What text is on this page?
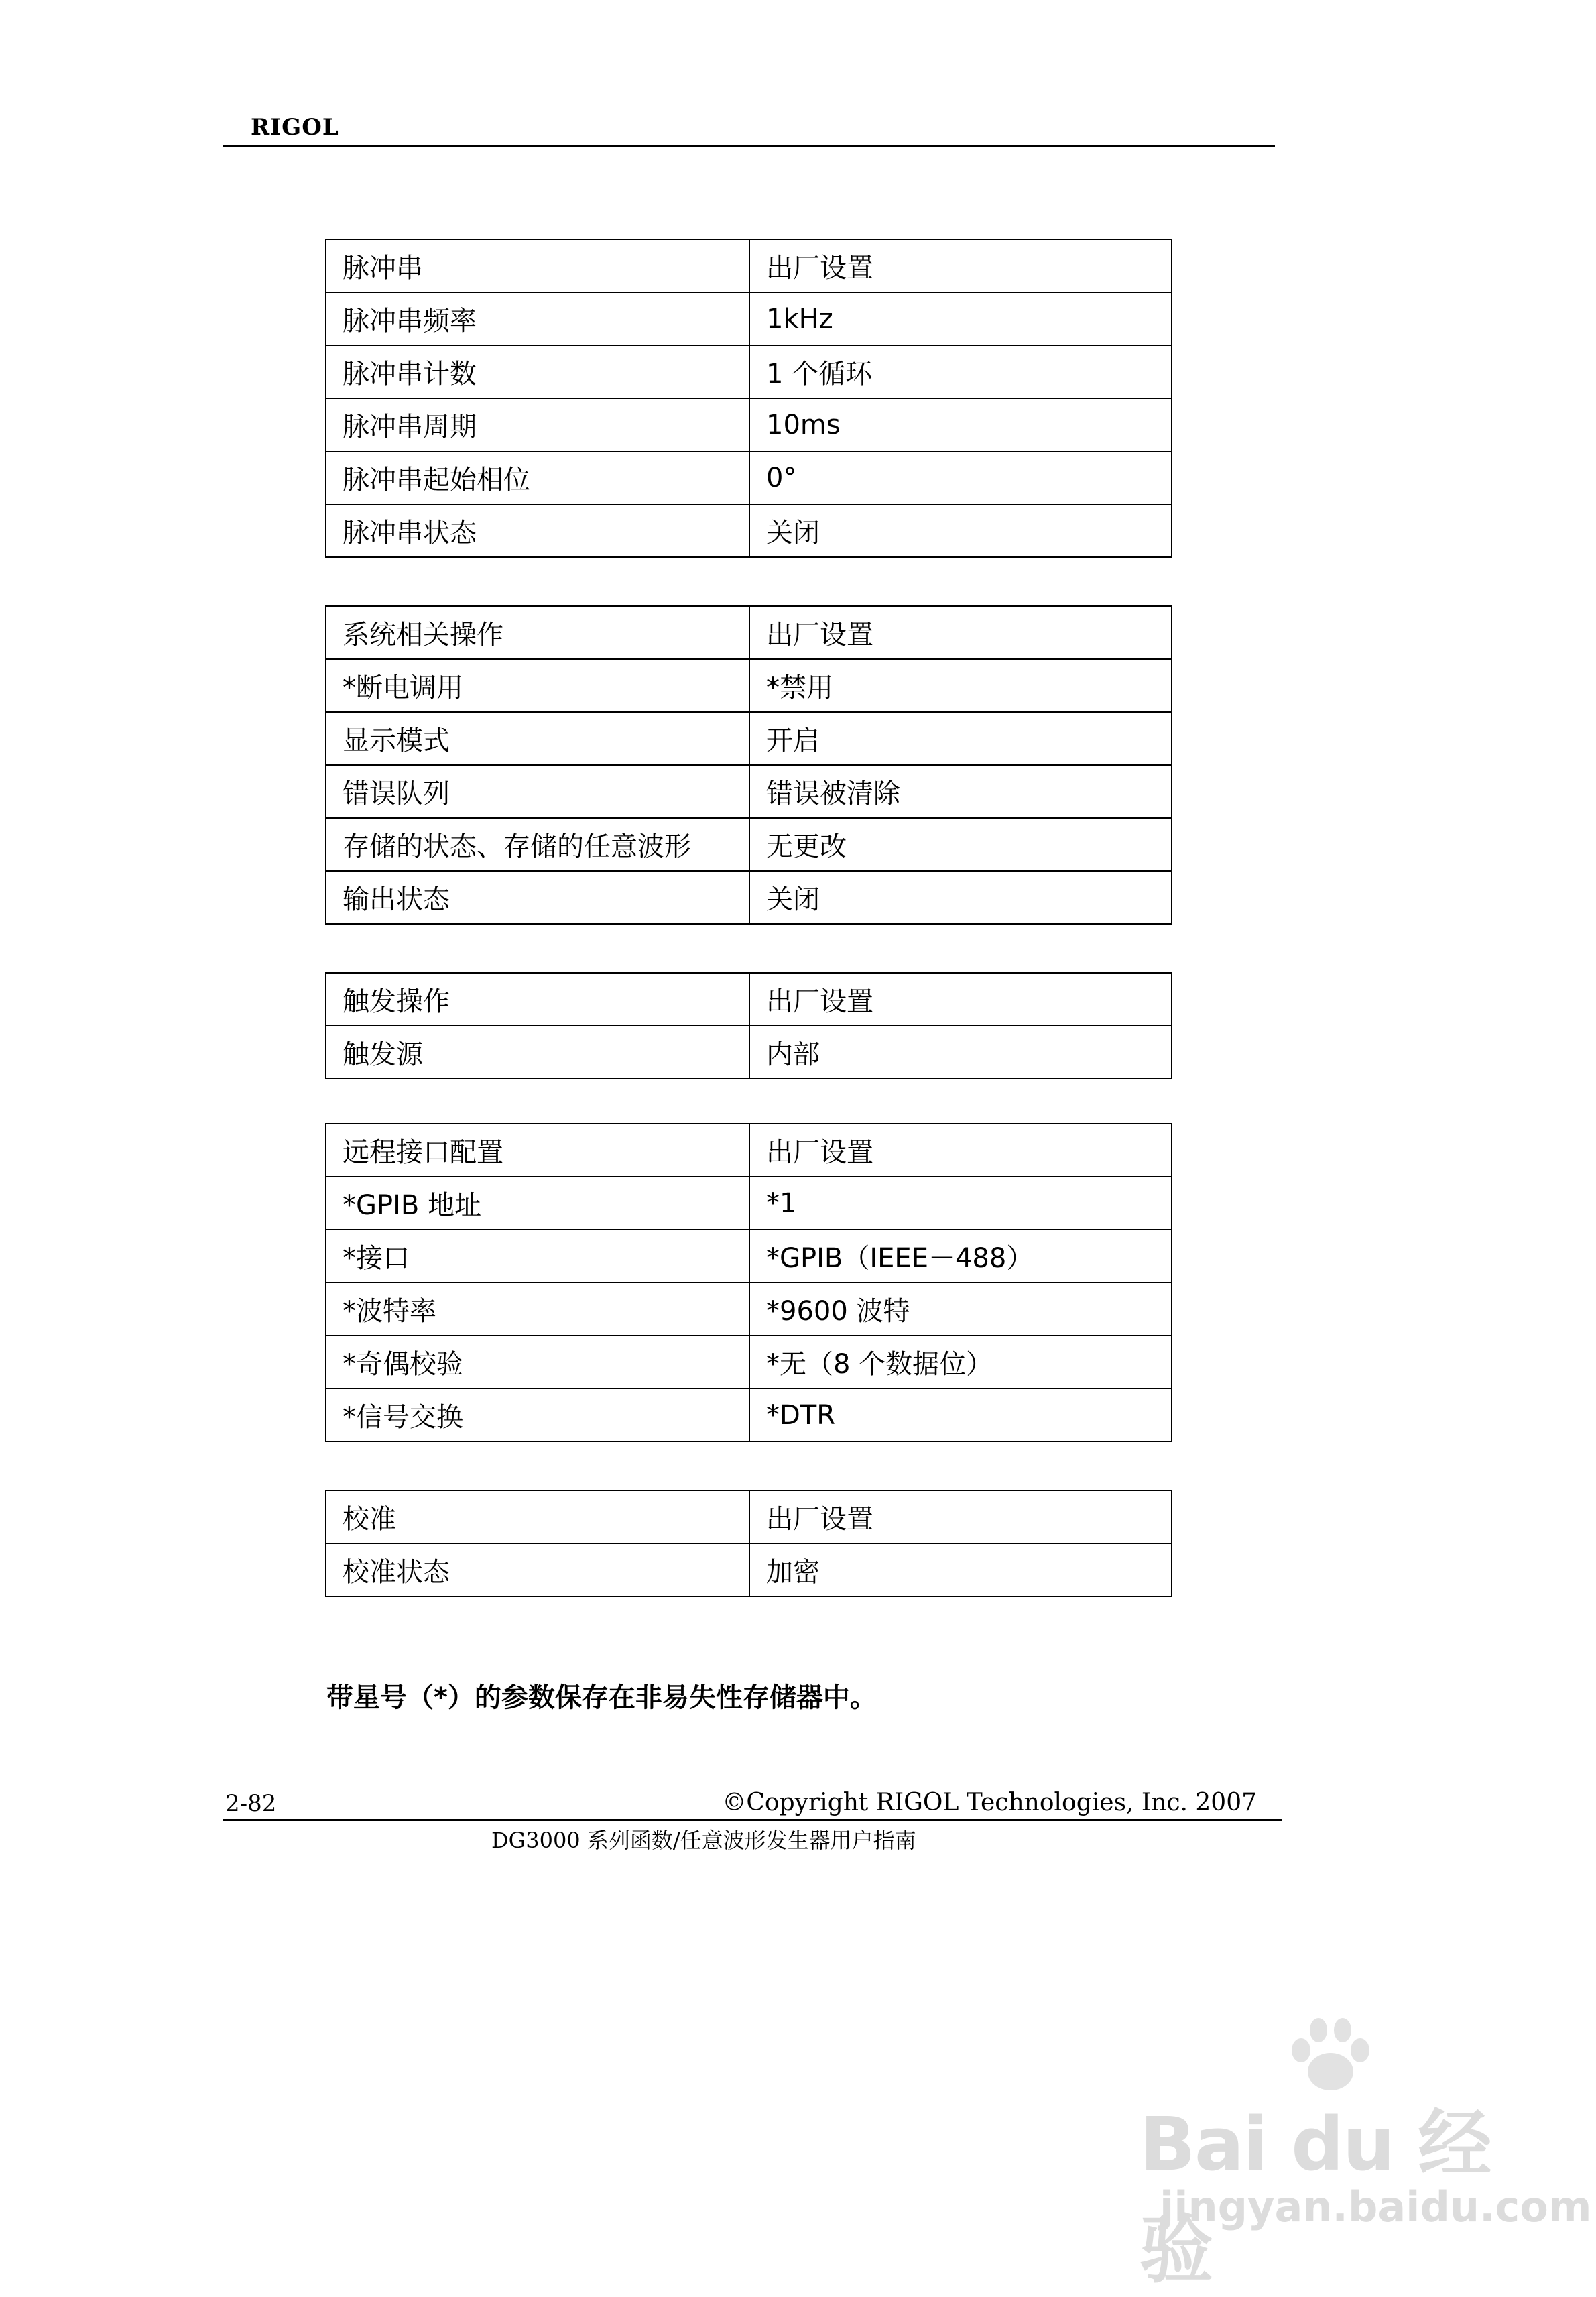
RIGOL
脉冲串	出厂设置
脉冲串频率	1kHz
脉冲串计数	1 个循环
脉冲串周期	10ms
脉冲串起始相位	0°
脉冲串状态	关闭
系统相关操作	出厂设置
*断电调用	*禁用
显示模式	开启
错误队列	错误被清除
存储的状态、存储的任意波形	无更改
输出状态	关闭
触发操作	出厂设置
触发源	内部
远程接口配置	出厂设置
*GPIB 地址	*1
*接口	*GPIB（IEEE－488）
*波特率	*9600 波特
*奇偶校验	*无（8 个数据位）
*信号交换	*DTR
校准	出厂设置
校准状态	加密
带星号（*）的参数保存在非易失性存储器中。
2-82	©Copyright RIGOL Technologies, Inc. 2007
DG3000 系列函数/任意波形发生器用户指南
Bai du 经验
jingyan.baidu.com
